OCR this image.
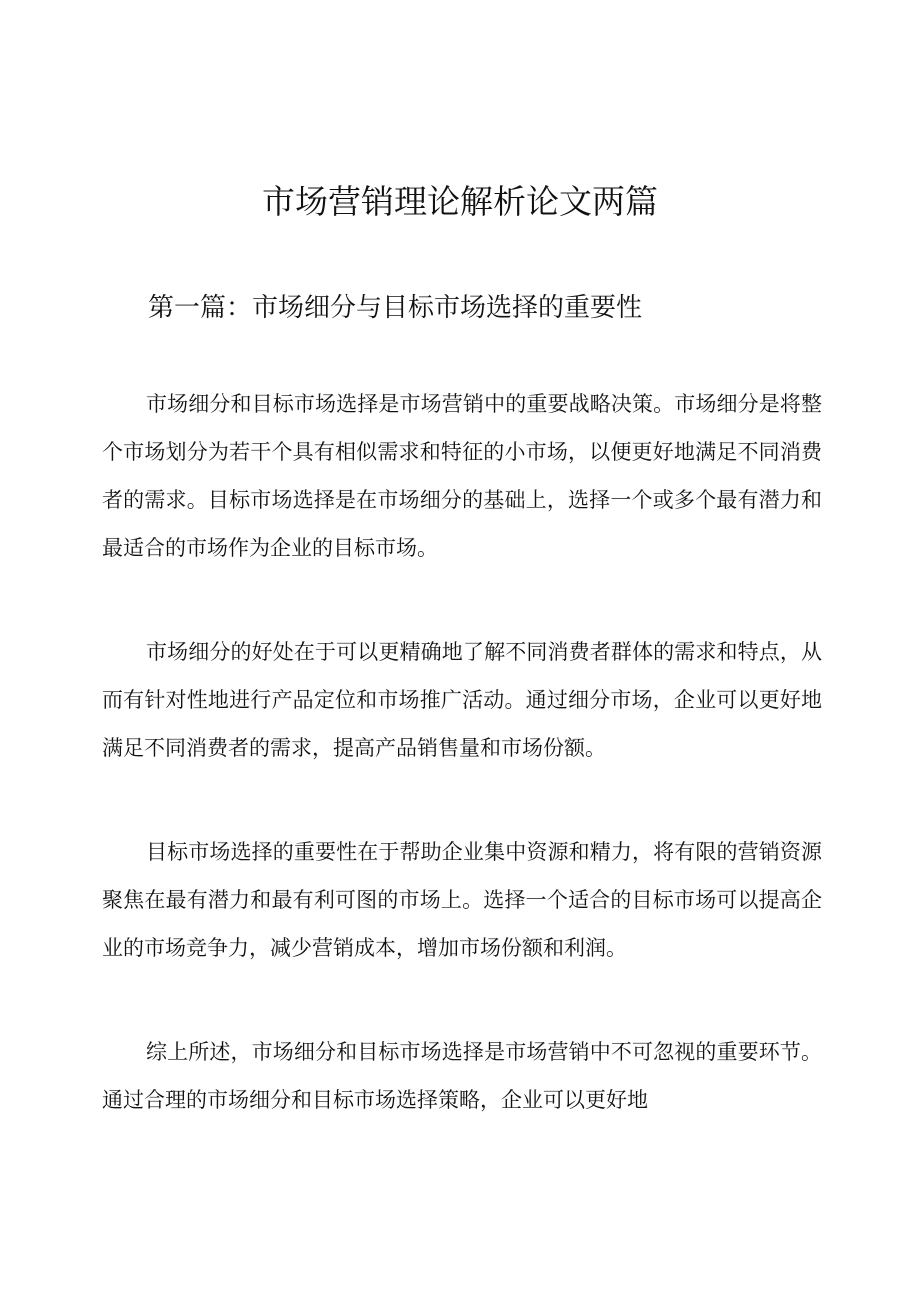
市场营销理论解析论文两篇
第一篇：市场细分与目标市场选择的重要性

市场细分和目标市场选择是市场营销中的重要战略决策。市场细分是将整个市场划分为若干个具有相似需求和特征的小市场，以便更好地满足不同消费者的需求。目标市场选择是在市场细分的基础上，选择一个或多个最有潜力和最适合的市场作为企业的目标市场。

市场细分的好处在于可以更精确地了解不同消费者群体的需求和特点，从而有针对性地进行产品定位和市场推广活动。通过细分市场，企业可以更好地满足不同消费者的需求，提高产品销售量和市场份额。

目标市场选择的重要性在于帮助企业集中资源和精力，将有限的营销资源聚焦在最有潜力和最有利可图的市场上。选择一个适合的目标市场可以提高企业的市场竞争力，减少营销成本，增加市场份额和利润。

综上所述，市场细分和目标市场选择是市场营销中不可忽视的重要环节。通过合理的市场细分和目标市场选择策略，企业可以更好地
